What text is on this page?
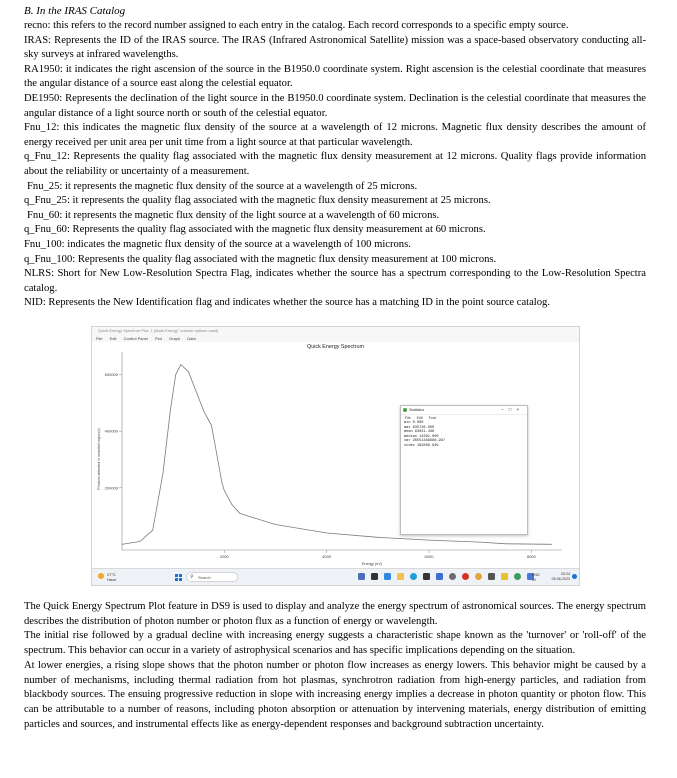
B. In the IRAS Catalog

recno: this refers to the record number assigned to each entry in the catalog. Each record corresponds to a specific empty source.

IRAS: Represents the ID of the IRAS source. The IRAS (Infrared Astronomical Satellite) mission was a space-based observatory conducting all-sky surveys at infrared wavelengths.

RA1950: it indicates the right ascension of the source in the B1950.0 coordinate system. Right ascension is the celestial coordinate that measures the angular distance of a source east along the celestial equator.

DE1950: Represents the declination of the light source in the B1950.0 coordinate system. Declination is the celestial coordinate that measures the angular distance of a light source north or south of the celestial equator.

Fnu_12: this indicates the magnetic flux density of the source at a wavelength of 12 microns. Magnetic flux density describes the amount of energy received per unit area per unit time from a light source at that particular wavelength.

q_Fnu_12: Represents the quality flag associated with the magnetic flux density measurement at 12 microns. Quality flags provide information about the reliability or uncertainty of a measurement.

Fnu_25: it represents the magnetic flux density of the source at a wavelength of 25 microns.

q_Fnu_25: it represents the quality flag associated with the magnetic flux density measurement at 25 microns.

Fnu_60: it represents the magnetic flux density of the light source at a wavelength of 60 microns.

q_Fnu_60: Represents the quality flag associated with the magnetic flux density measurement at 60 microns.

Fnu_100: indicates the magnetic flux density of the source at a wavelength of 100 microns.

q_Fnu_100: Represents the quality flag associated with the magnetic flux density measurement at 100 microns.

NLRS: Short for New Low-Resolution Spectra Flag, indicates whether the source has a spectrum corresponding to the Low-Resolution Spectra catalog.

NID: Represents the New Identification flag and indicates whether the source has a matching ID in the point source catalog.

Quick Energy Spectrum Plot: 1 (Math Energy" column options used)
File Edit Control Panel Plot Graph Data
Quick Energy Spectrum
200000
400000
600000
2000	4000	6000	8000
Energy (eV)
Photons detected in selected region(s)
Statistics	–□×
File Edit Font
min 0.000
max 635726.000
mean 93021.438
median 14391.000
var 26551389988.997
stdev 162889.949
27°C
Haze	⚲ Search	ENG
IN
03:24
05-06-2023

The Quick Energy Spectrum Plot feature in DS9 is used to display and analyze the energy spectrum of astronomical sources. The energy spectrum describes the distribution of photon number or photon flux as a function of energy or wavelength.

The initial rise followed by a gradual decline with increasing energy suggests a characteristic shape known as the 'turnover' or 'roll-off' of the spectrum. This behavior can occur in a variety of astrophysical scenarios and has specific implications depending on the situation.

At lower energies, a rising slope shows that the photon number or photon flow increases as energy lowers. This behavior might be caused by a number of mechanisms, including thermal radiation from hot plasmas, synchrotron radiation from high-energy particles, and radiation from blackbody sources. The ensuing progressive reduction in slope with increasing energy implies a decrease in photon quantity or photon flow. This can be attributable to a number of reasons, including photon absorption or attenuation by intervening materials, energy distribution of emitting particles and sources, and instrumental effects like as energy-dependent responses and background subtraction uncertainty.
